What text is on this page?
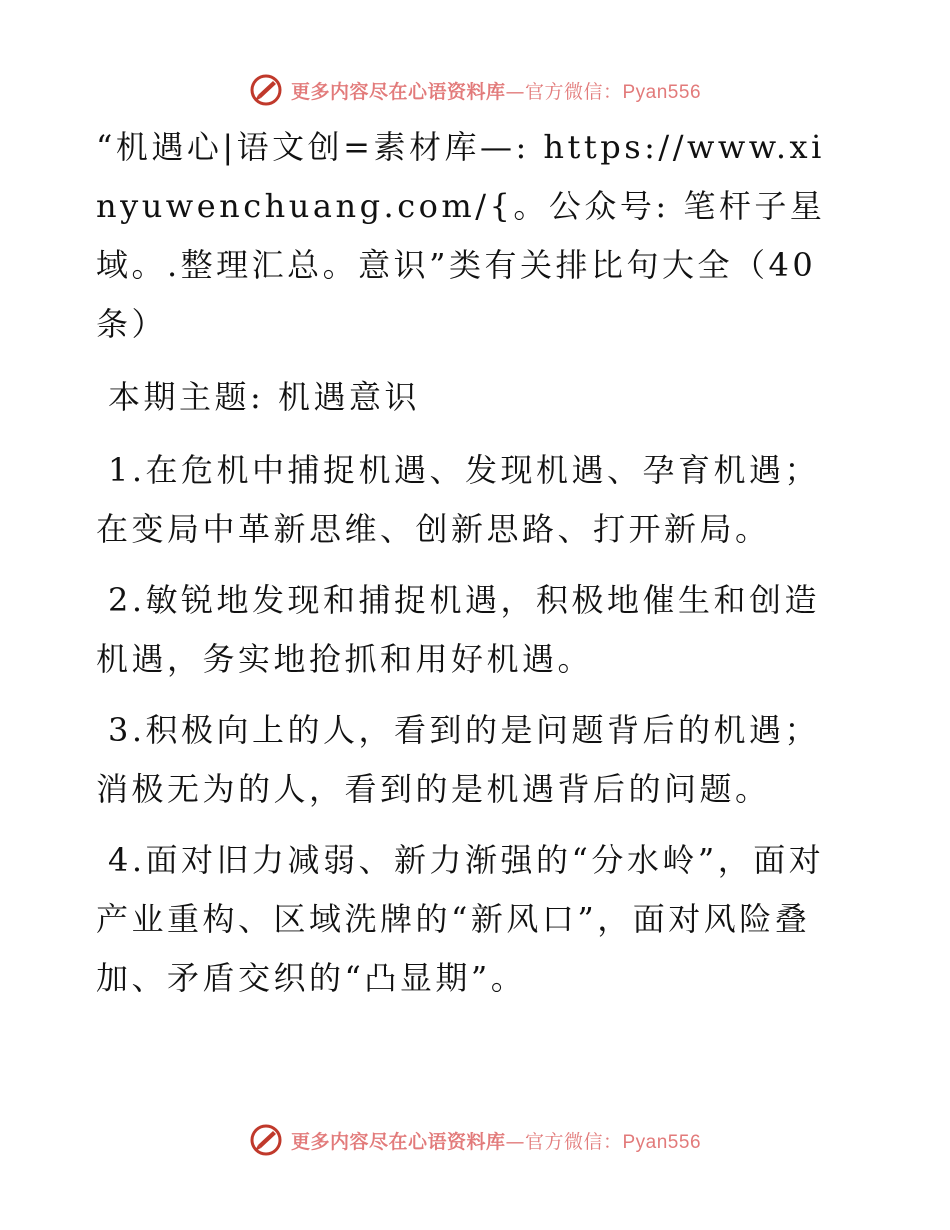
更多内容尽在心语资料库—官方微信：Pyan556

“机遇心|语文创=素材库—: https://www.xinyuwenchuang.com/{。公众号: 笔杆子星域。.整理汇总。意识”类有关排比句大全（40条）

本期主题: 机遇意识

1.在危机中捕捉机遇、发现机遇、孕育机遇；在变局中革新思维、创新思路、打开新局。

2.敏锐地发现和捕捉机遇，积极地催生和创造机遇，务实地抢抓和用好机遇。

3.积极向上的人，看到的是问题背后的机遇；消极无为的人，看到的是机遇背后的问题。

4.面对旧力减弱、新力渐强的“分水岭”，面对产业重构、区域洗牌的“新风口”，面对风险叠加、矛盾交织的“凸显期”。

更多内容尽在心语资料库—官方微信：Pyan556
